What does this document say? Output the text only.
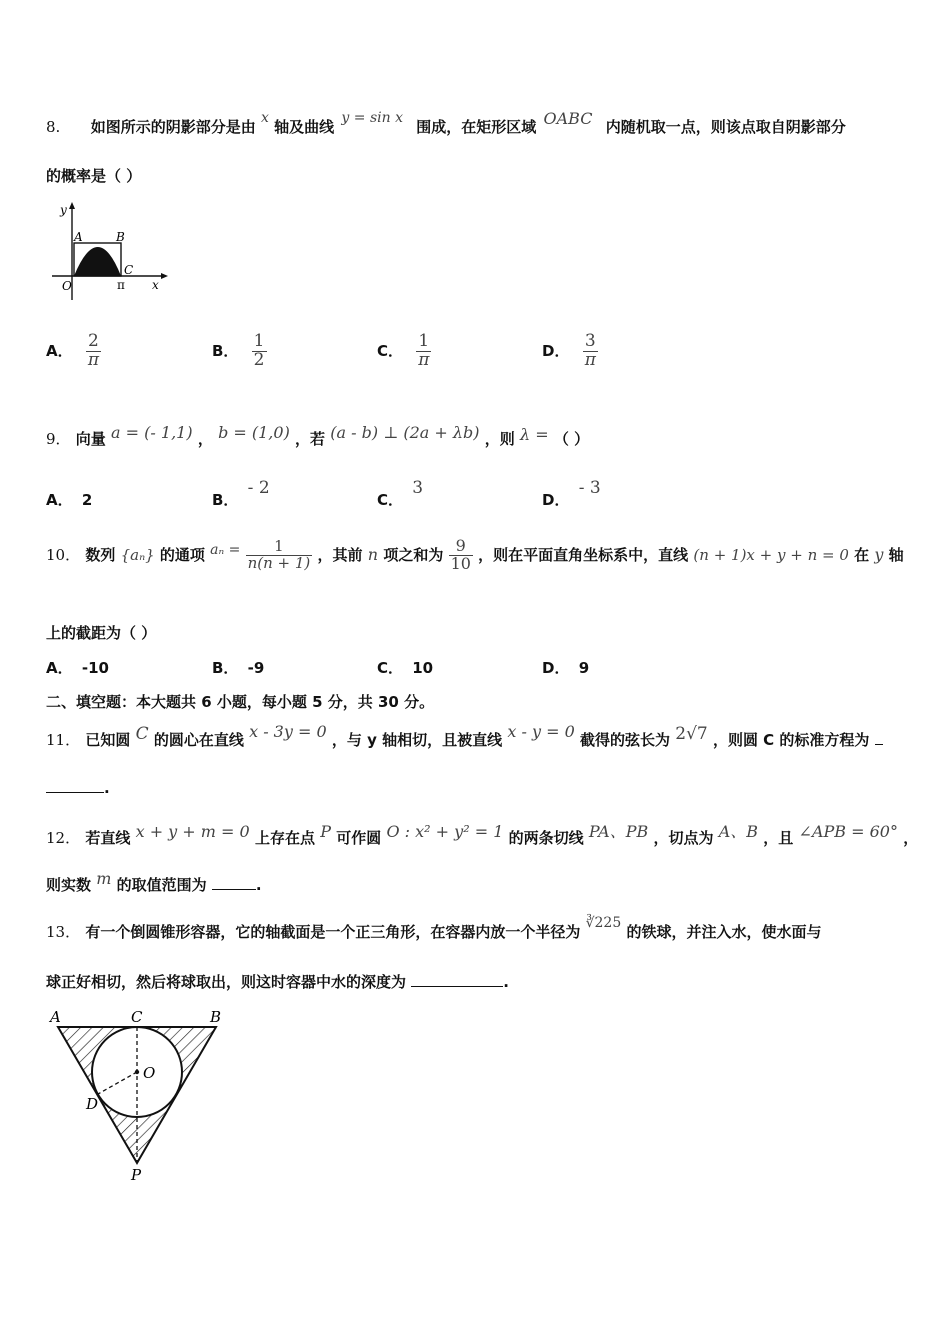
8. 如图所示的阴影部分是由 x 轴及曲线 y = sin x 围成，在矩形区域 OABC 内随机取一点，则该点取自阴影部分
的概率是（ ）
y
A	B
C
O	π x
A． $\frac{2}{\pi}$	B． $\frac{1}{2}$	C． $\frac{1}{\pi}$	D． $\frac{3}{\pi}$
9． 向量 a = (- 1,1) ， b = (1,0) ，若 (a - b) ⊥ (2a + λb) ，则 λ = （ ）
A． 2	B． - 2
C． 3
D． - 3
10． 数列 {aₙ} 的通项 $a_n = \frac{1}{n(n + 1)}$ ，其前 n 项之和为 $\frac{9}{10}$ ，则在平面直角坐标系中，直线 (n + 1)x + y + n = 0 在 y 轴
上的截距为（ ）
A． -10	B． -9	C． 10	D． 9
二、填空题：本大题共 6 小题，每小题 5 分，共 30 分。
11． 已知圆 C 的圆心在直线 x - 3y = 0 ，与 y 轴相切，且被直线 x - y = 0 截得的弦长为 2√7 ，则圆 C 的标准方程为
.
12． 若直线 x + y + m = 0 上存在点 P 可作圆 O : x² + y² = 1 的两条切线 PA、PB ，切点为 A、B ，且 ∠APB = 60° ，
则实数 m 的取值范围为	.
13． 有一个倒圆锥形容器，它的轴截面是一个正三角形，在容器内放一个半径为 ∛225 的铁球，并注入水，使水面与
球正好相切，然后将球取出，则这时容器中水的深度为	.
A	C	B
O
D
P
